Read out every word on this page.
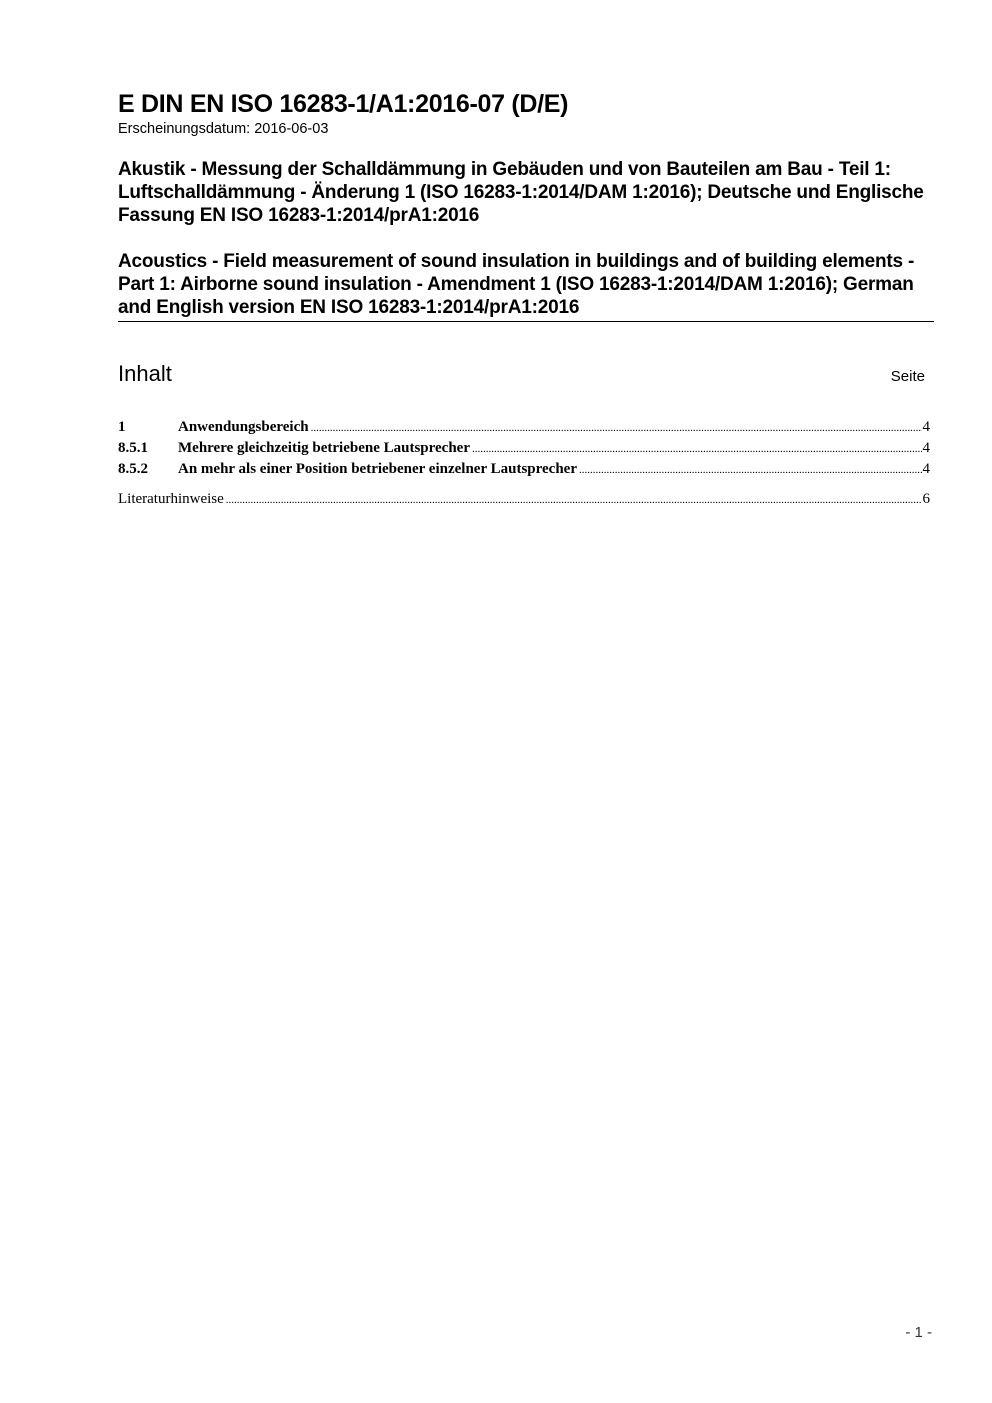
E DIN EN ISO 16283-1/A1:2016-07 (D/E)
Erscheinungsdatum: 2016-06-03

Akustik - Messung der Schalldämmung in Gebäuden und von Bauteilen am Bau - Teil 1: Luftschalldämmung - Änderung 1 (ISO 16283-1:2014/DAM 1:2016); Deutsche und Englische Fassung EN ISO 16283-1:2014/prA1:2016

Acoustics - Field measurement of sound insulation in buildings and of building elements - Part 1: Airborne sound insulation - Amendment 1 (ISO 16283-1:2014/DAM 1:2016); German and English version EN ISO 16283-1:2014/prA1:2016

Inhalt	Seite
1	Anwendungsbereich .....	4
8.5.1	Mehrere gleichzeitig betriebene Lautsprecher .....	4
8.5.2	An mehr als einer Position betriebener einzelner Lautsprecher .....	4
Literaturhinweise .....	6
- 1 -
